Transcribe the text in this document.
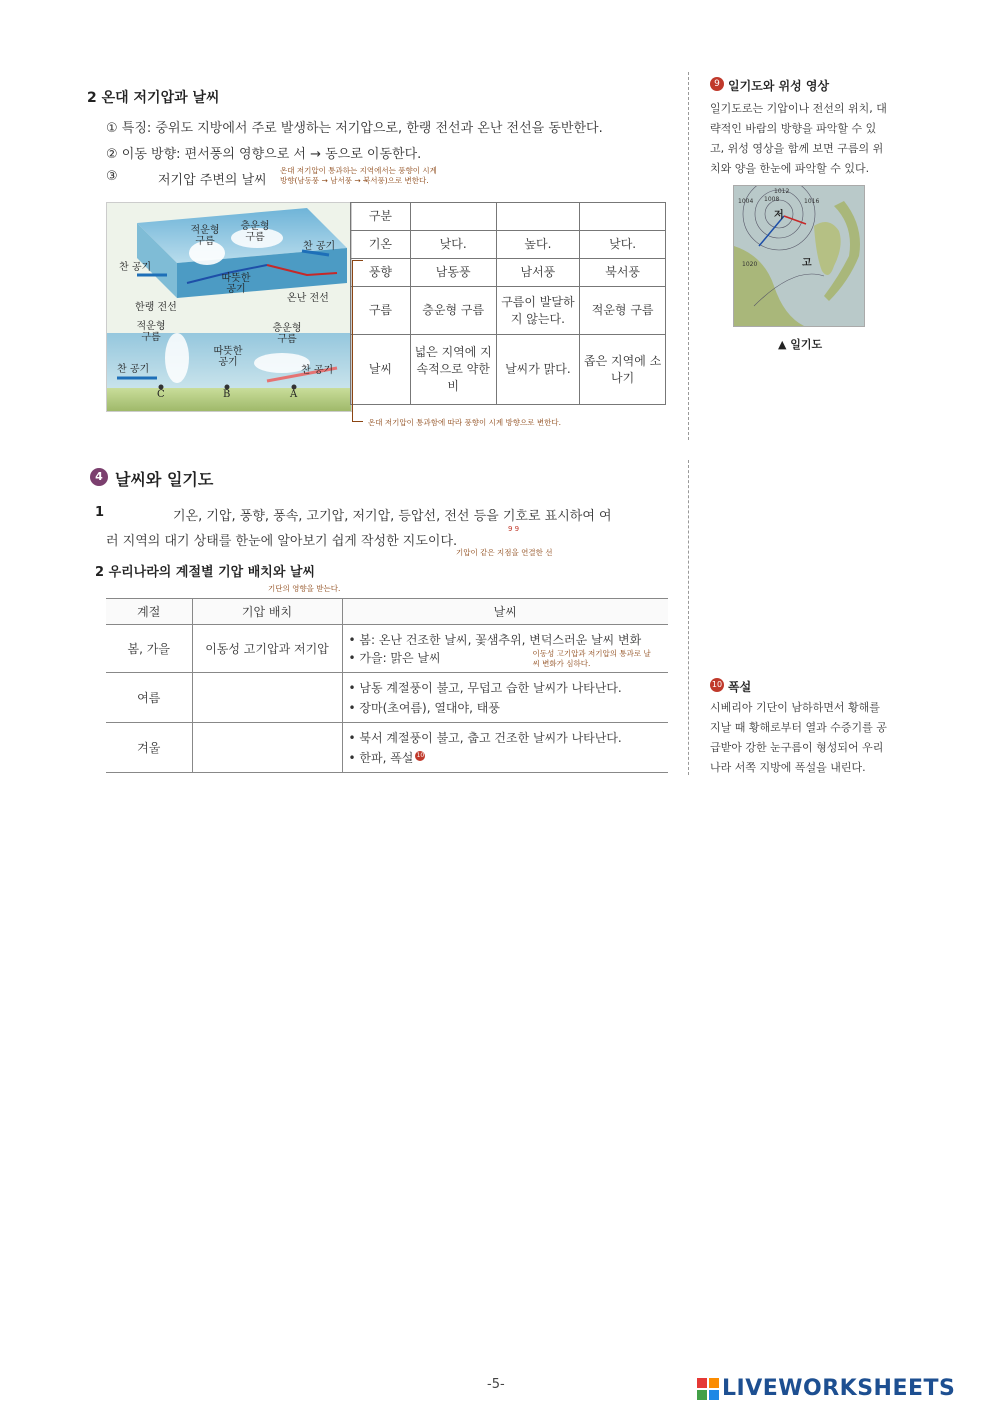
2 온대 저기압과 날씨
① 특징: 중위도 지방에서 주로 발생하는 저기압으로, 한랭 전선과 온난 전선을 동반한다.
② 이동 방향: 편서풍의 영향으로 서 → 동으로 이동한다.
③	저기압 주변의 날씨
온대 저기압이 통과하는 지역에서는 풍향이 시계
방향(남동풍 → 남서풍 → 북서풍)으로 변한다.
적운형 구름
층운형 구름
찬 공기
찬 공기
따뜻한 공기
한랭 전선
온난 전선
적운형 구름
따뜻한 공기
층운형 구름
찬 공기	찬 공기
C	B	A
구분			
기온	낮다.	높다.	낮다.
풍향	남동풍	남서풍	북서풍
구름	층운형 구름	구름이 발달하지 않는다.	적운형 구름
날씨	넓은 지역에 지속적으로 약한 비	날씨가 맑다.	좁은 지역에 소나기
온대 저기압이 통과함에 따라 풍향이 시계 방향으로 변한다.
9 일기도와 위성 영상
일기도로는 기압이나 전선의 위치, 대략적인 바람의 방향을 파악할 수 있고, 위성 영상을 함께 보면 구름의 위치와 양을 한눈에 파악할 수 있다.
저
고
1008
1012
1016
1020
1004
▲ 일기도
4 날씨와 일기도
1	기온, 기압, 풍향, 풍속, 고기압, 저기압, 등압선, 전선 등을 기호로 표시하여 여
러 지역의 대기 상태를 한눈에 알아보기 쉽게 작성한 지도이다.
9 9
기압이 같은 지점을 연결한 선
2 우리나라의 계절별 기압 배치와 날씨
기단의 영향을 받는다.
계절	기압 배치	날씨
봄, 가을	이동성 고기압과 저기압	• 봄: 온난 건조한 날씨, 꽃샘추위, 변덕스러운 날씨 변화
• 가을: 맑은 날씨 이동성 고기압과 저기압의 통과로 날씨 변화가 심하다.

여름		• 남동 계절풍이 불고, 무덥고 습한 날씨가 나타난다.
• 장마(초여름), 열대야, 태풍

겨울		• 북서 계절풍이 불고, 춥고 건조한 날씨가 나타난다.
• 한파, 폭설 $^{10}$
10 폭설
시베리아 기단이 남하하면서 황해를 지날 때 황해로부터 열과 수증기를 공급받아 강한 눈구름이 형성되어 우리나라 서쪽 지방에 폭설을 내린다.
-5-	LIVEWORKSHEETS
